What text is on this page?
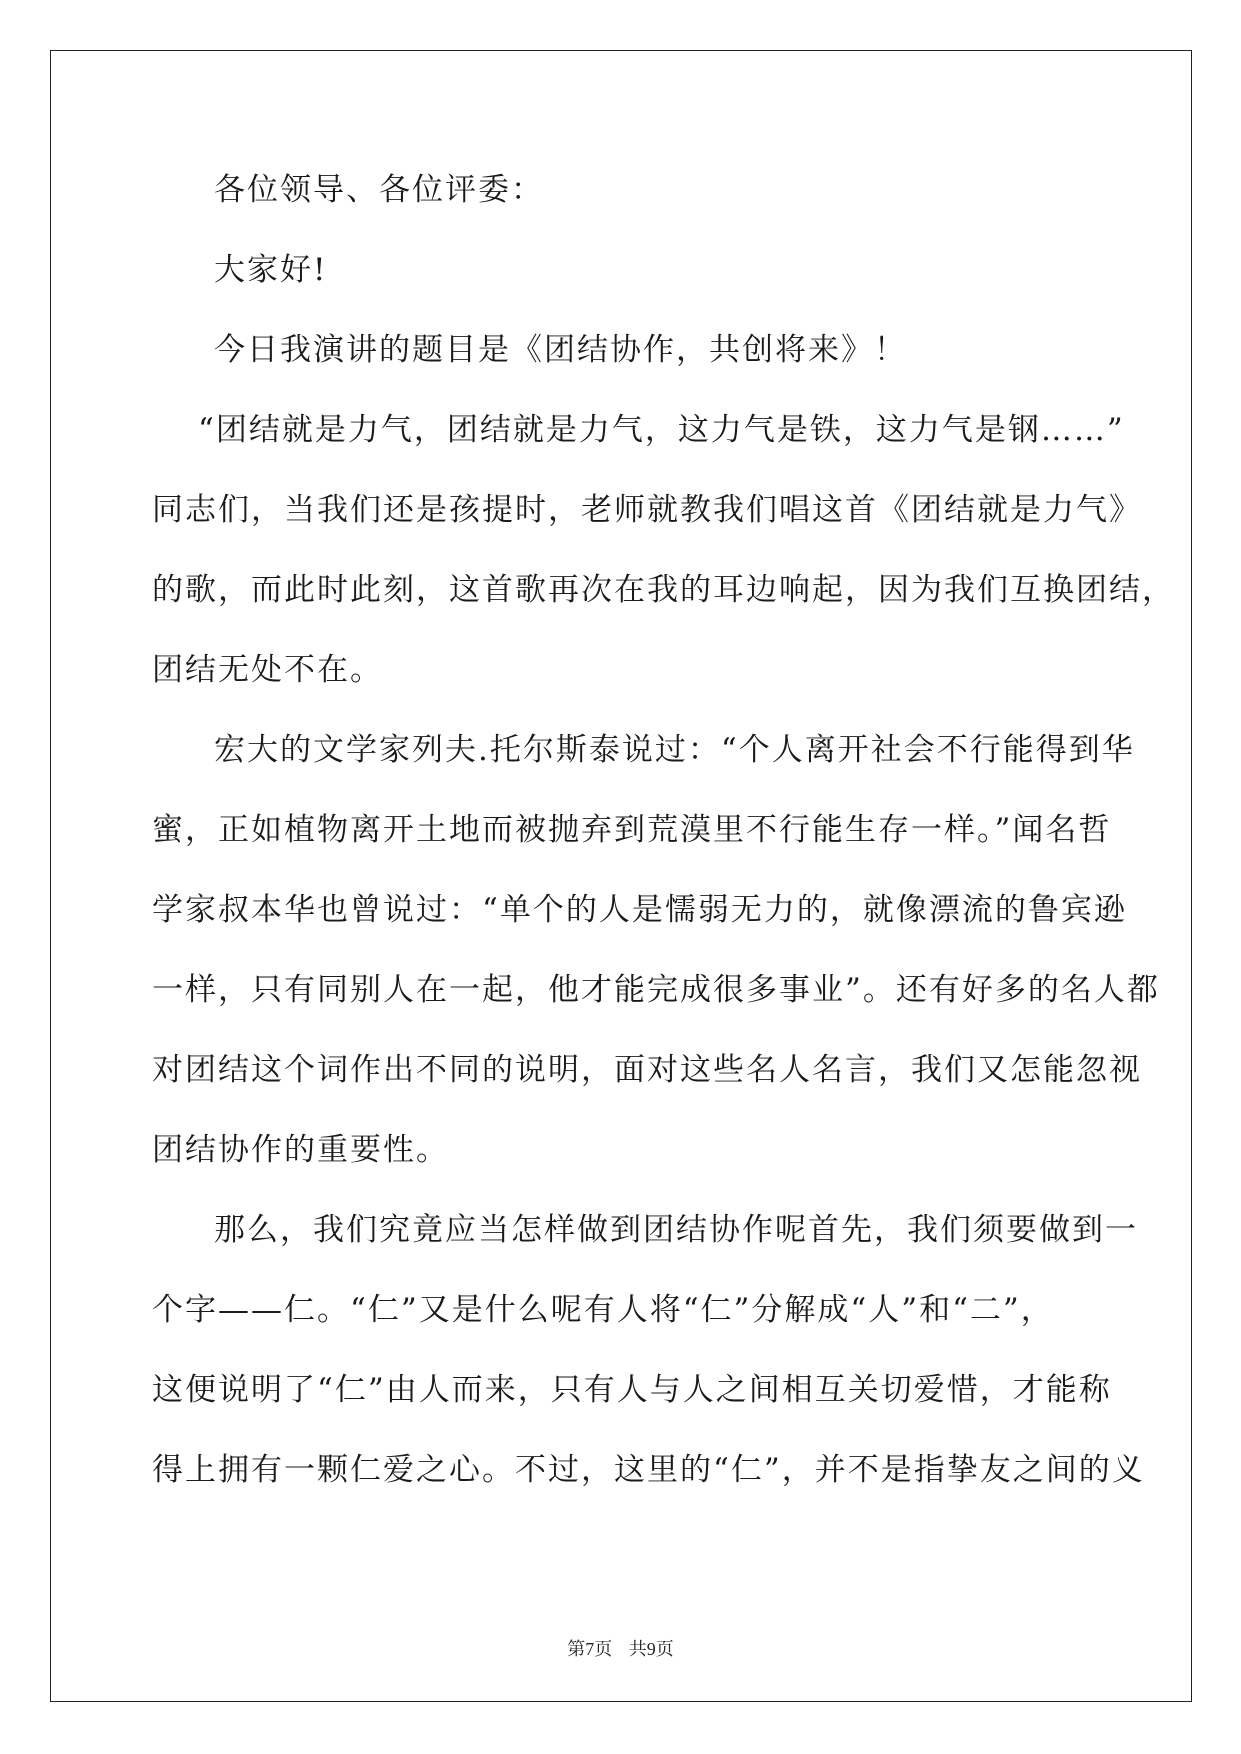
各位领导、各位评委：
大家好!
今日我演讲的题目是《团结协作，共创将来》！
“团结就是力气，团结就是力气，这力气是铁，这力气是钢……”
同志们，当我们还是孩提时，老师就教我们唱这首《团结就是力气》
的歌，而此时此刻，这首歌再次在我的耳边响起，因为我们互换团结，
团结无处不在。
宏大的文学家列夫.托尔斯泰说过：“个人离开社会不行能得到华
蜜，正如植物离开土地而被抛弃到荒漠里不行能生存一样。”闻名哲
学家叔本华也曾说过：“单个的人是懦弱无力的，就像漂流的鲁宾逊
一样，只有同别人在一起，他才能完成很多事业”。还有好多的名人都
对团结这个词作出不同的说明，面对这些名人名言，我们又怎能忽视
团结协作的重要性。
那么，我们究竟应当怎样做到团结协作呢首先，我们须要做到一
个字——仁。“仁”又是什么呢有人将“仁”分解成“人”和“二”，
这便说明了“仁”由人而来，只有人与人之间相互关切爱惜，才能称
得上拥有一颗仁爱之心。不过，这里的“仁”，并不是指挚友之间的义
第7页 共9页
